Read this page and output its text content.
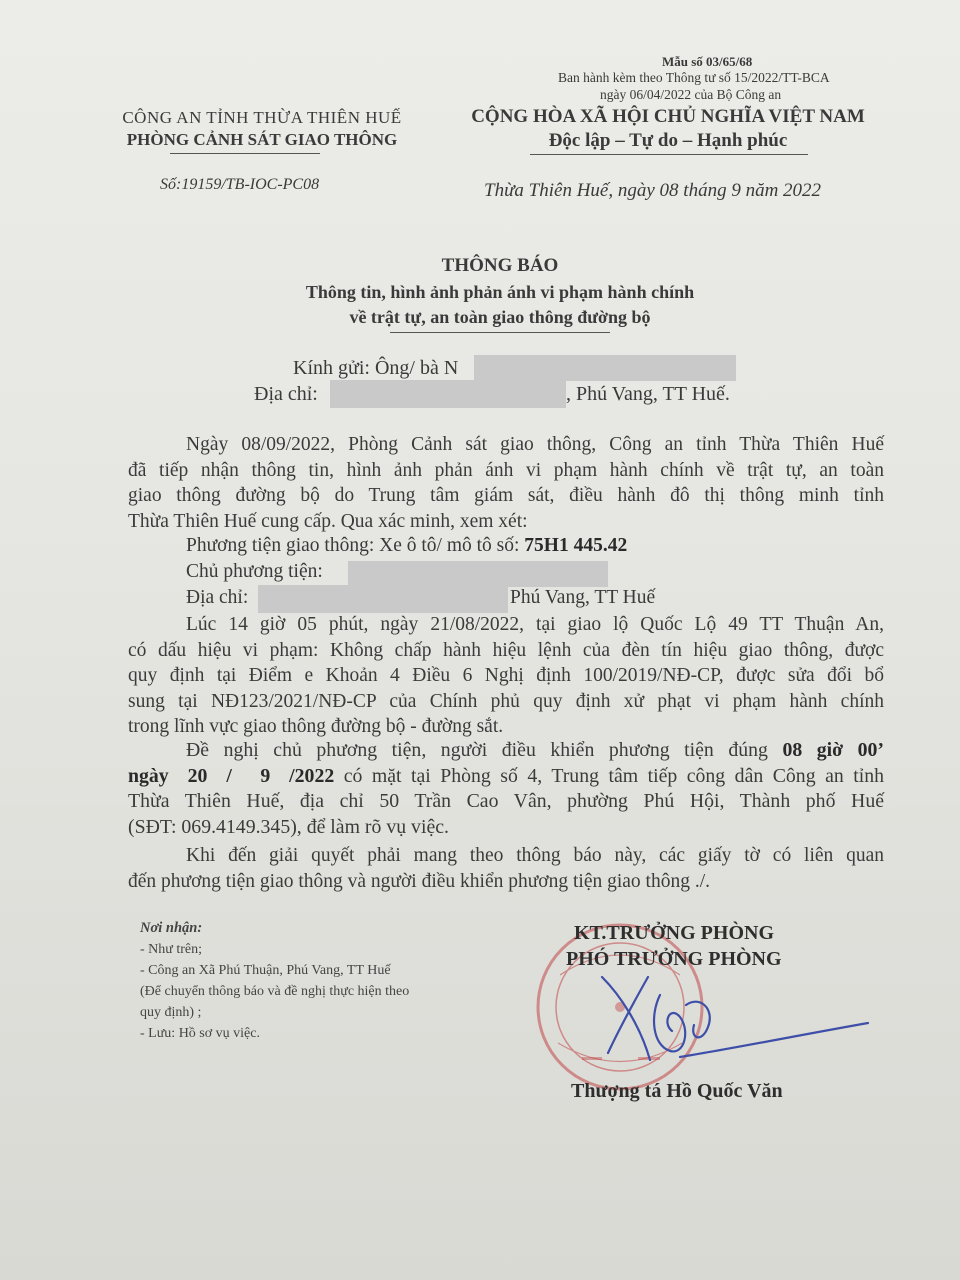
Mẫu số 03/65/68
Ban hành kèm theo Thông tư số 15/2022/TT-BCA
ngày 06/04/2022 của Bộ Công an
CÔNG AN TỈNH THỪA THIÊN HUẾ
PHÒNG CẢNH SÁT GIAO THÔNG
Số:19159/TB-IOC-PC08
CỘNG HÒA XÃ HỘI CHỦ NGHĨA VIỆT NAM
Độc lập – Tự do – Hạnh phúc
Thừa Thiên Huế, ngày 08 tháng 9 năm 2022
THÔNG BÁO
Thông tin, hình ảnh phản ánh vi phạm hành chính
về trật tự, an toàn giao thông đường bộ
Kính gửi: Ông/ bà N
Địa chỉ:	, Phú Vang, TT Huế.
Ngày 08/09/2022, Phòng Cảnh sát giao thông, Công an tỉnh Thừa Thiên Huế
đã tiếp nhận thông tin, hình ảnh phản ánh vi phạm hành chính về trật tự, an toàn
giao thông đường bộ do Trung tâm giám sát, điều hành đô thị thông minh tỉnh
Thừa Thiên Huế cung cấp. Qua xác minh, xem xét:
Phương tiện giao thông: Xe ô tô/ mô tô số: 75H1 445.42
Chủ phương tiện:
Địa chỉ:	Phú Vang, TT Huế
Lúc 14 giờ 05 phút, ngày 21/08/2022, tại giao lộ Quốc Lộ 49 TT Thuận An,
có dấu hiệu vi phạm: Không chấp hành hiệu lệnh của đèn tín hiệu giao thông, được
quy định tại Điểm e Khoản 4 Điều 6 Nghị định 100/2019/NĐ-CP, được sửa đổi bổ
sung tại NĐ123/2021/NĐ-CP của Chính phủ quy định xử phạt vi phạm hành chính
trong lĩnh vực giao thông đường bộ - đường sắt.
Đề nghị chủ phương tiện, người điều khiển phương tiện đúng 08 giờ 00’
ngày  20  /   9  /2022 có mặt tại Phòng số 4, Trung tâm tiếp công dân Công an tỉnh
Thừa Thiên Huế, địa chỉ 50 Trần Cao Vân, phường Phú Hội, Thành phố Huế
(SĐT: 069.4149.345), để làm rõ vụ việc.
Khi đến giải quyết phải mang theo thông báo này, các giấy tờ có liên quan
đến phương tiện giao thông và người điều khiển phương tiện giao thông ./.
Nơi nhận:
- Như trên;
- Công an Xã Phú Thuận, Phú Vang, TT Huế
(Để chuyển thông báo và đề nghị thực hiện theo
quy định) ;
- Lưu: Hồ sơ vụ việc.
KT.TRƯỞNG PHÒNG
PHÓ TRƯỞNG PHÒNG
Thượng tá Hồ Quốc Văn
